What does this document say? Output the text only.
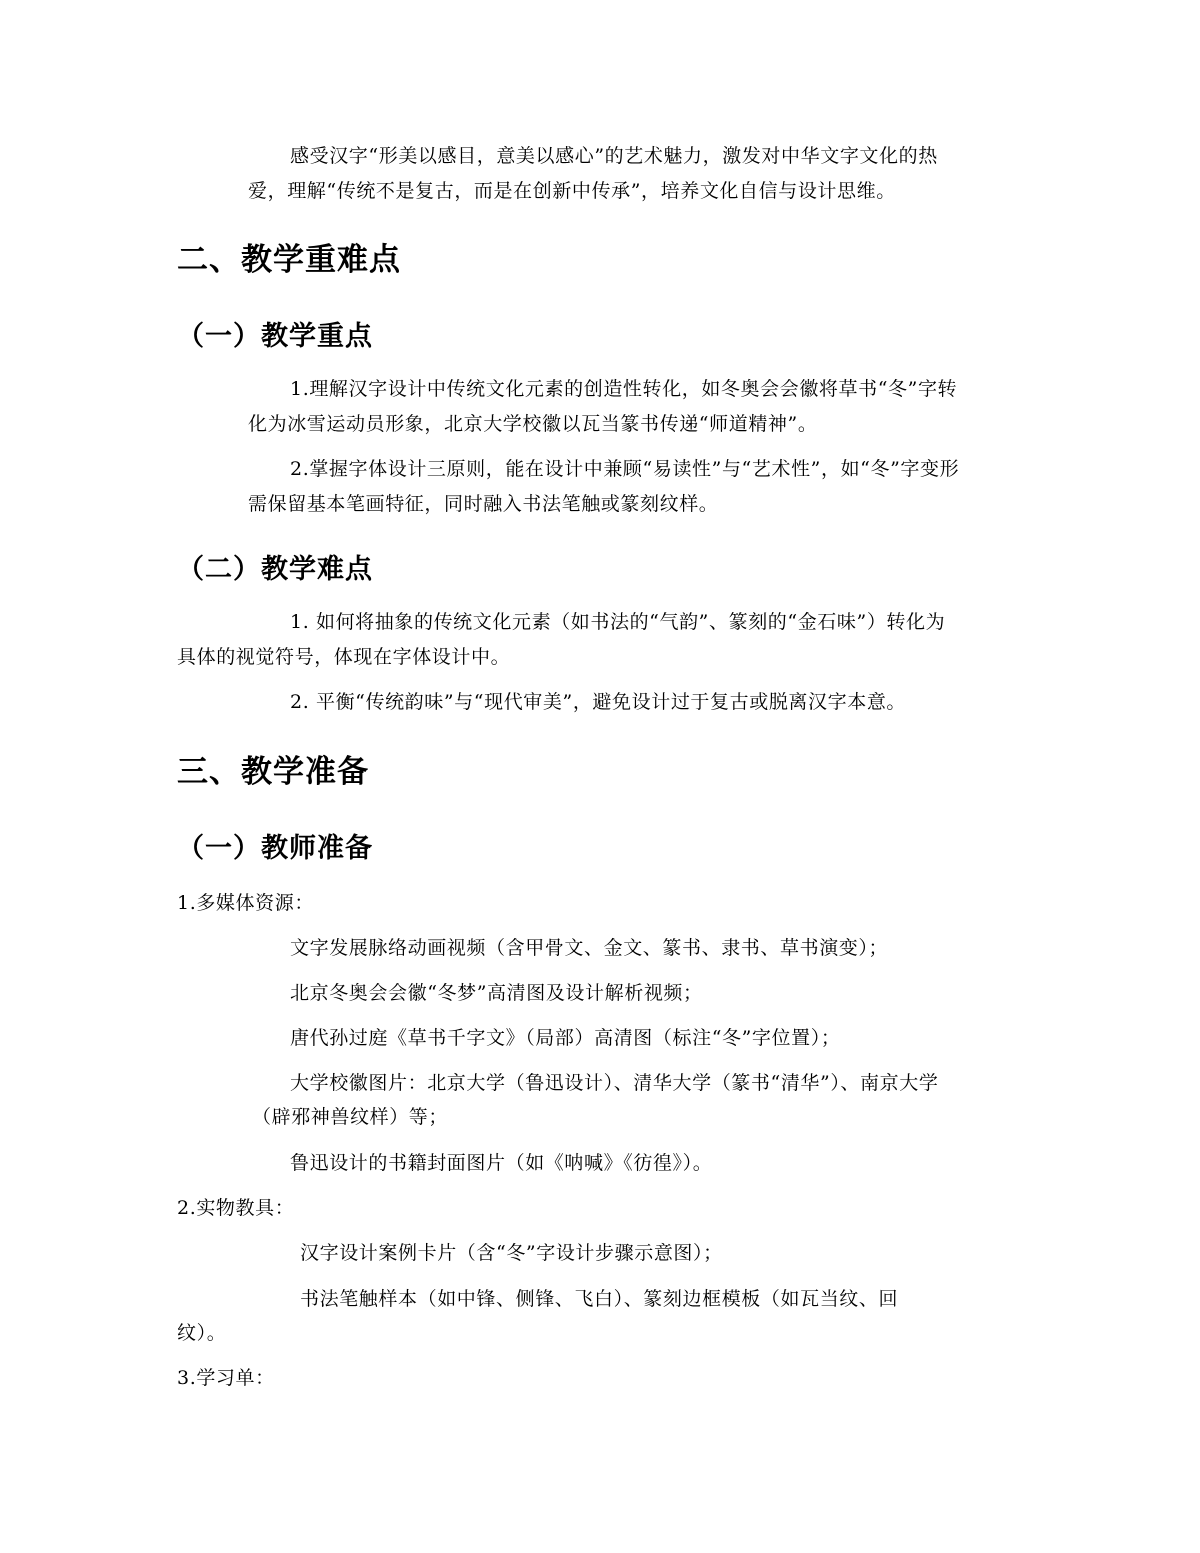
感受汉字“形美以感目，意美以感心”的艺术魅力，激发对中华文字文化的热
爱，理解“传统不是复古，而是在创新中传承”，培养文化自信与设计思维。
二、教学重难点
（一）教学重点
1.理解汉字设计中传统文化元素的创造性转化，如冬奥会会徽将草书“冬”字转
化为冰雪运动员形象，北京大学校徽以瓦当篆书传递“师道精神”。
2.掌握字体设计三原则，能在设计中兼顾“易读性”与“艺术性”，如“冬”字变形
需保留基本笔画特征，同时融入书法笔触或篆刻纹样。
（二）教学难点
1. 如何将抽象的传统文化元素（如书法的“气韵”、篆刻的“金石味”）转化为
具体的视觉符号，体现在字体设计中。
2. 平衡“传统韵味”与“现代审美”，避免设计过于复古或脱离汉字本意。
三、教学准备
（一）教师准备
1.多媒体资源：
文字发展脉络动画视频（含甲骨文、金文、篆书、隶书、草书演变）；
北京冬奥会会徽“冬梦”高清图及设计解析视频；
唐代孙过庭《草书千字文》（局部）高清图（标注“冬”字位置）；
大学校徽图片：北京大学（鲁迅设计）、清华大学（篆书“清华”）、南京大学
（辟邪神兽纹样）等；
鲁迅设计的书籍封面图片（如《呐喊》《彷徨》）。
2.实物教具：
汉字设计案例卡片（含“冬”字设计步骤示意图）；
书法笔触样本（如中锋、侧锋、飞白）、篆刻边框模板（如瓦当纹、回
纹）。
3.学习单：
